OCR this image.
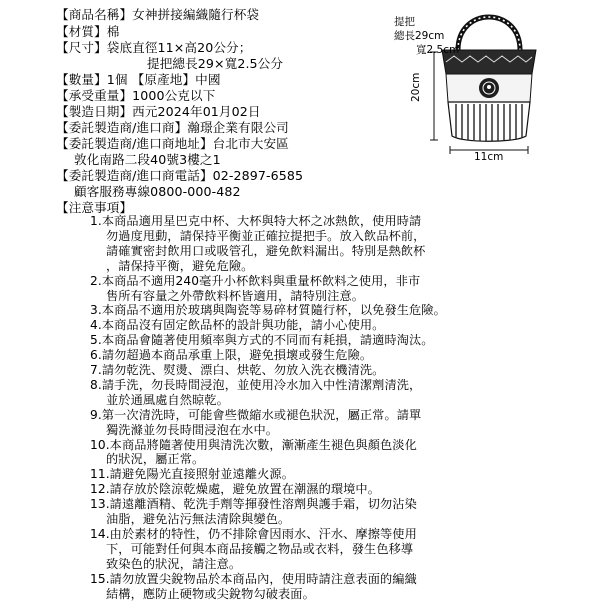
【商品名稱】女神拼接編織隨行杯袋
【材質】棉
【尺寸】袋底直徑11×高20公分；
提把總長29×寬2.5公分
【數量】1個 【原產地】中國
【承受重量】1000公克以下
【製造日期】西元2024年01月02日
【委託製造商/進口商】瀚璟企業有限公司
【委託製造商/進口商地址】台北市大安區
敦化南路二段40號3樓之1
【委託製造商/進口商電話】02-2897-6585
顧客服務專線0800-000-482
【注意事項】
1.本商品適用星巴克中杯、大杯與特大杯之冰熱飲，使用時請
勿過度甩動，請保持平衡並正確拉提把手。放入飲品杯前，
請確實密封飲用口或吸管孔，避免飲料漏出。特別是熱飲杯
，請保持平衡，避免危險。
2.本商品不適用240毫升小杯飲料與重量杯飲料之使用，非市
售所有容量之外帶飲料杯皆適用，請特別注意。
3.本商品不適用於玻璃與陶瓷等易碎材質隨行杯，以免發生危險。
4.本商品沒有固定飲品杯的設計與功能，請小心使用。
5.本商品會隨著使用頻率與方式的不同而有耗損，請適時淘汰。
6.請勿超過本商品承重上限，避免損壞或發生危險。
7.請勿乾洗、熨燙、漂白、烘乾、勿放入洗衣機清洗。
8.請手洗，勿長時間浸泡，並使用冷水加入中性清潔劑清洗，
並於通風處自然晾乾。
9.第一次清洗時，可能會些微縮水或褪色狀況，屬正常。請單
獨洗滌並勿長時間浸泡在水中。
10.本商品將隨著使用與清洗次數，漸漸產生褪色與顏色淡化
的狀況，屬正常。
11.請避免陽光直接照射並遠離火源。
12.請存放於陰涼乾燥處，避免放置在潮濕的環境中。
13.請遠離酒精、乾洗手劑等揮發性溶劑與護手霜，切勿沾染
油脂，避免沾污無法清除與變色。
14.由於素材的特性，仍不排除會因雨水、汗水、摩擦等使用
下，可能對任何與本商品接觸之物品或衣料，發生色移導
致染色的狀況，請注意。
15.請勿放置尖銳物品於本商品內，使用時請注意表面的編織
結構，應防止硬物或尖銳物勾破表面。
提把
總長29cm
寬2.5cm
20cm
11cm
